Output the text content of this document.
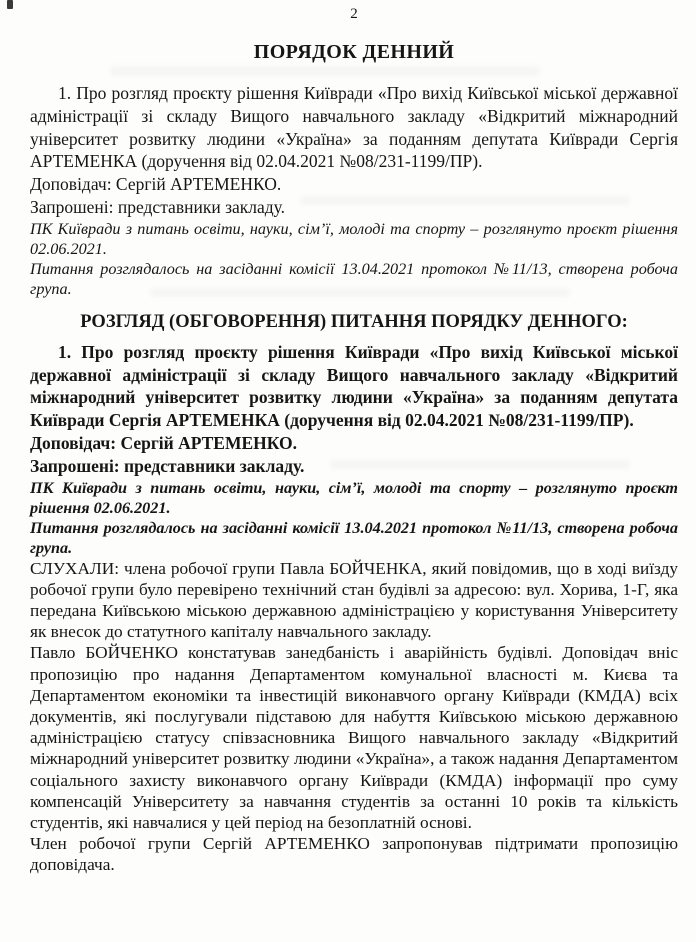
2
ПОРЯДОК ДЕННИЙ

1. Про розгляд проєкту рішення Київради «Про вихід Київської міської державної адміністрації зі складу Вищого навчального закладу «Відкритий міжнародний університет розвитку людини «Україна» за поданням депутата Київради Сергія АРТЕМЕНКА (доручення від 02.04.2021 №08/231-1199/ПР).

Доповідач: Сергій АРТЕМЕНКО.

Запрошені: представники закладу.

ПК Київради з питань освіти, науки, сім’ї, молоді та спорту – розглянуто проєкт рішення 02.06.2021.

Питання розглядалось на засіданні комісії 13.04.2021 протокол №11/13, створена робоча група.

РОЗГЛЯД (ОБГОВОРЕННЯ) ПИТАННЯ ПОРЯДКУ ДЕННОГО:

1. Про розгляд проєкту рішення Київради «Про вихід Київської міської державної адміністрації зі складу Вищого навчального закладу «Відкритий міжнародний університет розвитку людини «Україна» за поданням депутата Київради Сергія АРТЕМЕНКА (доручення від 02.04.2021 №08/231-1199/ПР).

Доповідач: Сергій АРТЕМЕНКО.

Запрошені: представники закладу.

ПК Київради з питань освіти, науки, сім’ї, молоді та спорту – розглянуто проєкт рішення 02.06.2021.

Питання розглядалось на засіданні комісії 13.04.2021 протокол №11/13, створена робоча група.

СЛУХАЛИ: члена робочої групи Павла БОЙЧЕНКА, який повідомив, що в ході виїзду робочої групи було перевірено технічний стан будівлі за адресою: вул. Хорива, 1-Г, яка передана Київською міською державною адміністрацією у користування Університету як внесок до статутного капіталу навчального закладу.

Павло БОЙЧЕНКО констатував занедбаність і аварійність будівлі. Доповідач вніс пропозицію про надання Департаментом комунальної власності м. Києва та Департаментом економіки та інвестицій виконавчого органу Київради (КМДА) всіх документів, які послугували підставою для набуття Київською міською державною адміністрацією статусу співзасновника Вищого навчального закладу «Відкритий міжнародний університет розвитку людини «Україна», а також надання Департаментом соціального захисту виконавчого органу Київради (КМДА) інформації про суму компенсацій Університету за навчання студентів за останні 10 років та кількість студентів, які навчалися у цей період на безоплатній основі.

Член робочої групи Сергій АРТЕМЕНКО запропонував підтримати пропозицію доповідача.
